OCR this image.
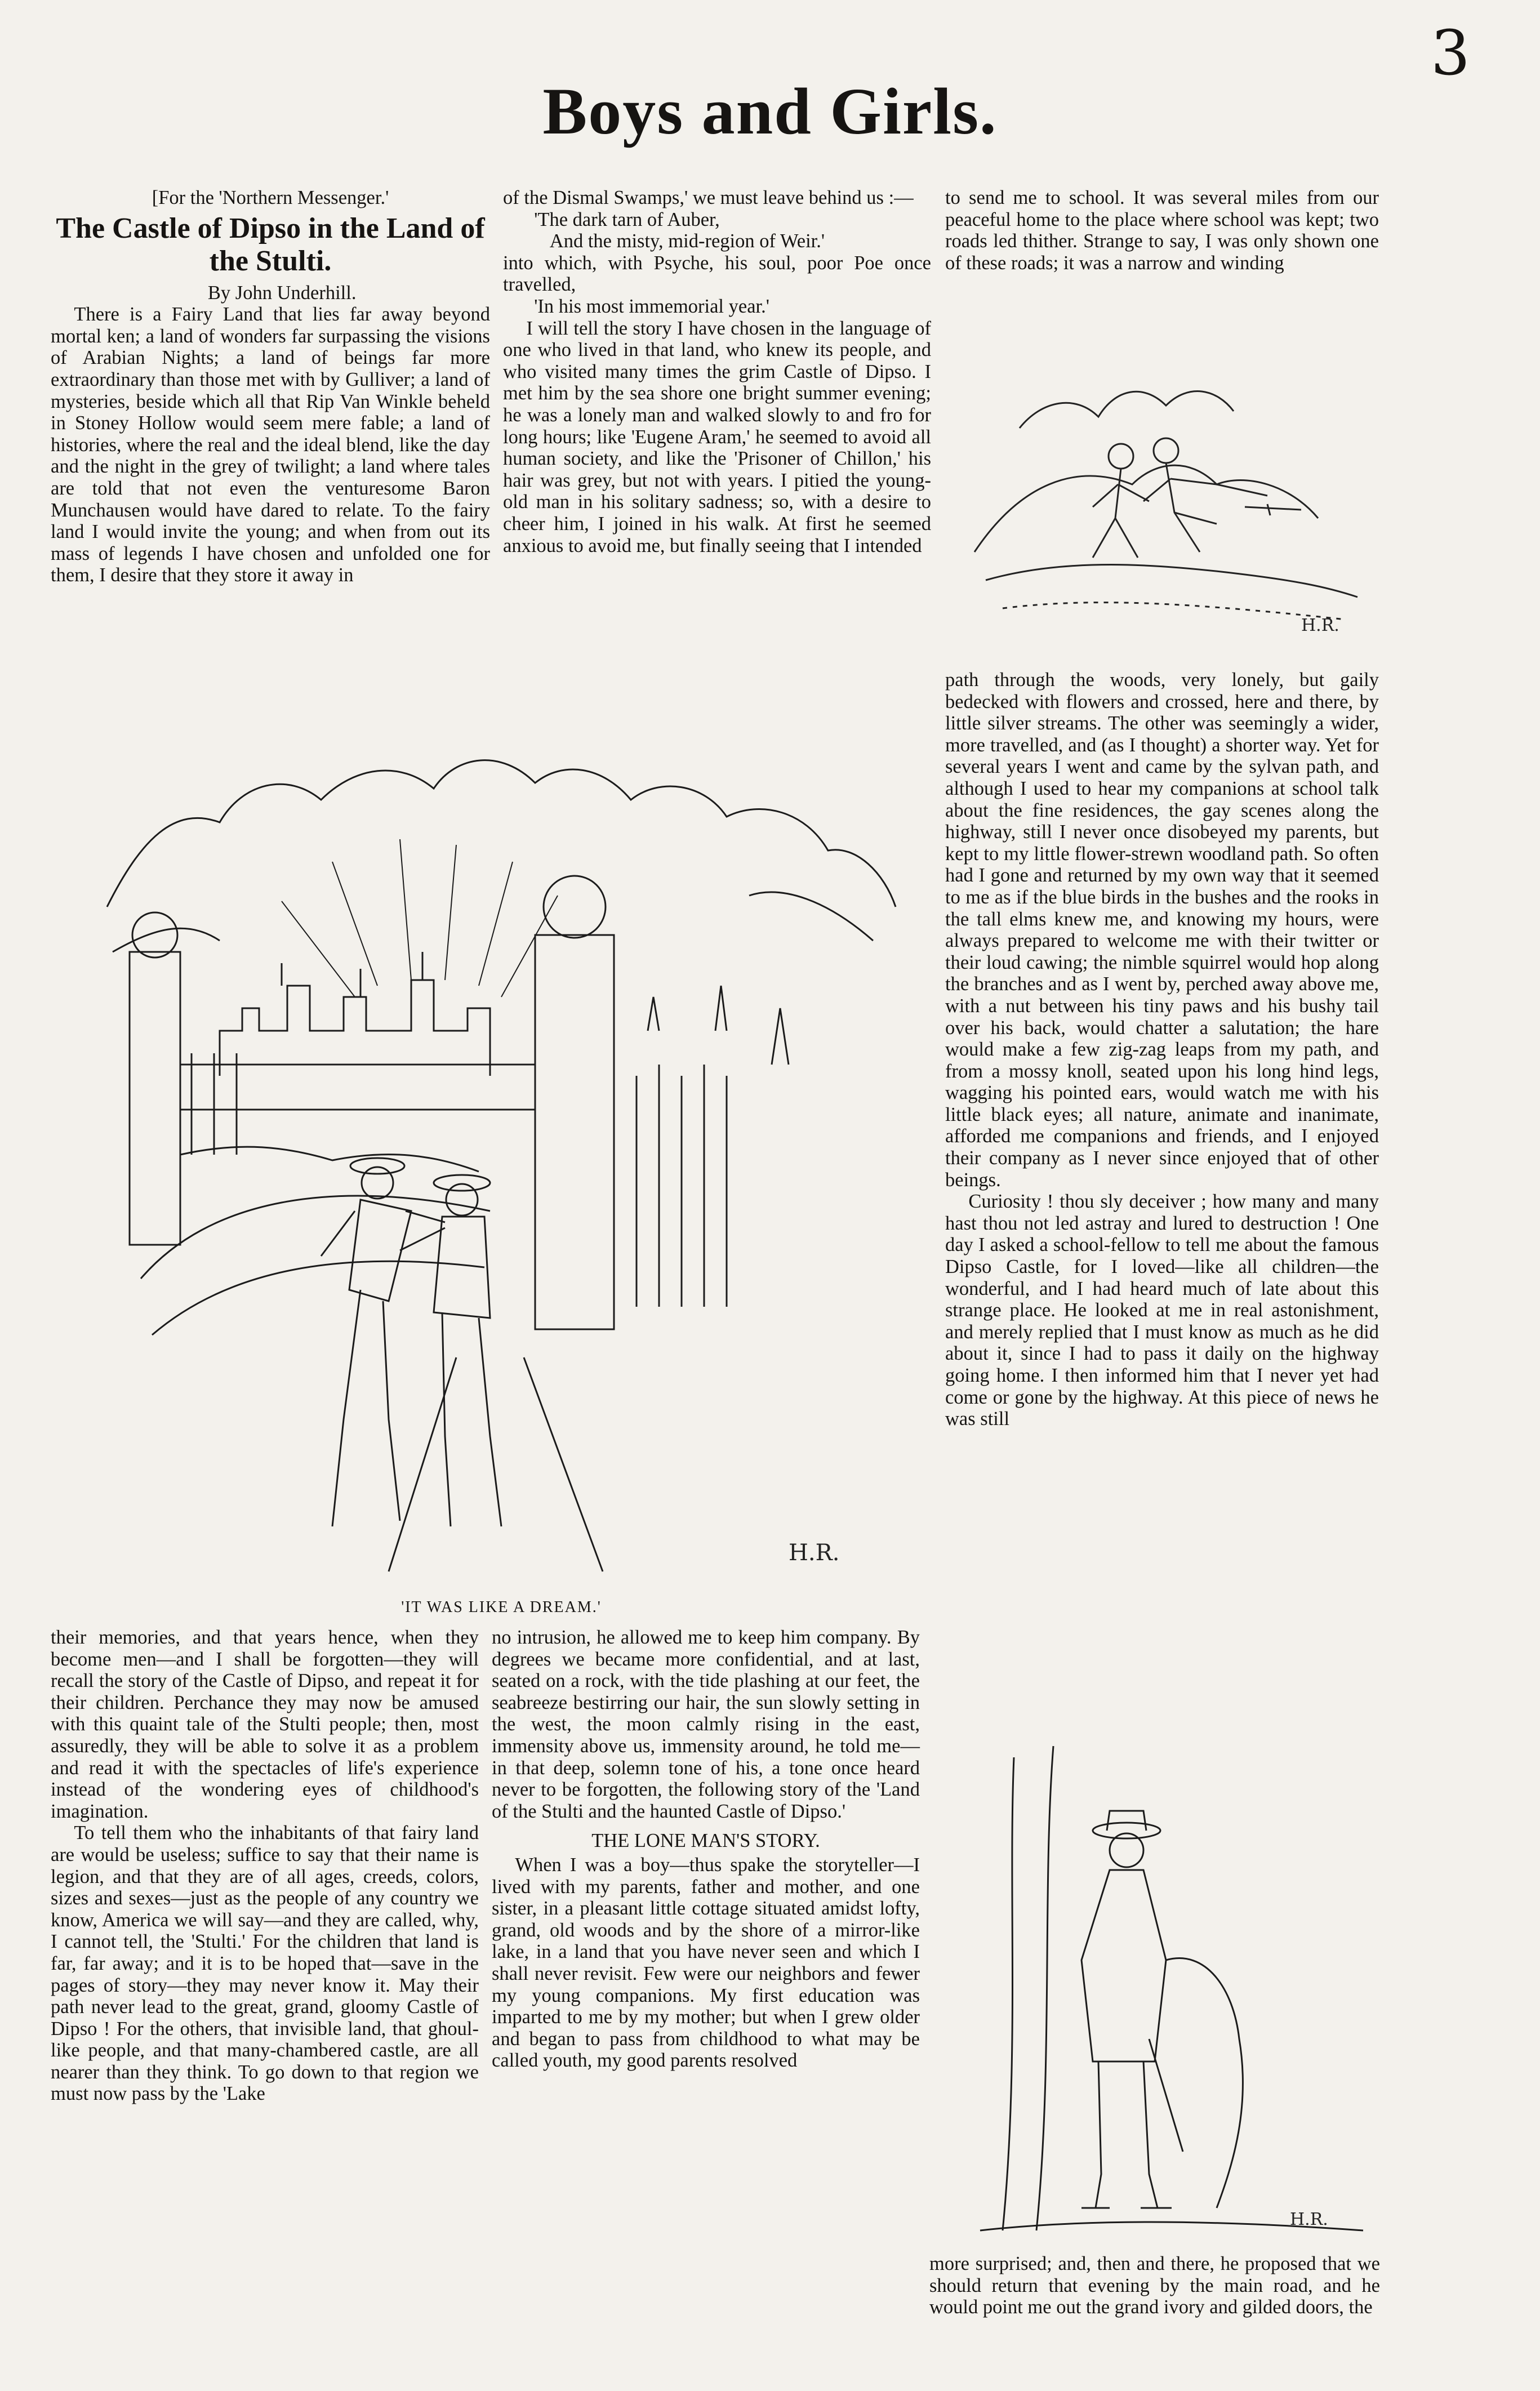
3
Boys and Girls.

[For the 'Northern Messenger.'

The Castle of Dipso in the Land of the Stulti.

By John Underhill.

There is a Fairy Land that lies far away beyond mortal ken; a land of wonders far surpassing the visions of Arabian Nights; a land of beings far more extraordinary than those met with by Gulliver; a land of mysteries, beside which all that Rip Van Winkle beheld in Stoney Hollow would seem mere fable; a land of histories, where the real and the ideal blend, like the day and the night in the grey of twilight; a land where tales are told that not even the venturesome Baron Munchausen would have dared to relate. To the fairy land I would invite the young; and when from out its mass of legends I have chosen and unfolded one for them, I desire that they store it away in

of the Dismal Swamps,' we must leave behind us :—

'The dark tarn of Auber,

And the misty, mid-region of Weir.'

into which, with Psyche, his soul, poor Poe once travelled,

'In his most immemorial year.'

I will tell the story I have chosen in the language of one who lived in that land, who knew its people, and who visited many times the grim Castle of Dipso. I met him by the sea shore one bright summer evening; he was a lonely man and walked slowly to and fro for long hours; like 'Eugene Aram,' he seemed to avoid all human society, and like the 'Prisoner of Chillon,' his hair was grey, but not with years. I pitied the young-old man in his solitary sadness; so, with a desire to cheer him, I joined in his walk. At first he seemed anxious to avoid me, but finally seeing that I intended

to send me to school. It was several miles from our peaceful home to the place where school was kept; two roads led thither. Strange to say, I was only shown one of these roads; it was a narrow and winding

H.R.
H.R.
'IT WAS LIKE A DREAM.'

path through the woods, very lonely, but gaily bedecked with flowers and crossed, here and there, by little silver streams. The other was seemingly a wider, more travelled, and (as I thought) a shorter way. Yet for several years I went and came by the sylvan path, and although I used to hear my companions at school talk about the fine residences, the gay scenes along the highway, still I never once disobeyed my parents, but kept to my little flower-strewn woodland path. So often had I gone and returned by my own way that it seemed to me as if the blue birds in the bushes and the rooks in the tall elms knew me, and knowing my hours, were always prepared to welcome me with their twitter or their loud cawing; the nimble squirrel would hop along the branches and as I went by, perched away above me, with a nut between his tiny paws and his bushy tail over his back, would chatter a salutation; the hare would make a few zig-zag leaps from my path, and from a mossy knoll, seated upon his long hind legs, wagging his pointed ears, would watch me with his little black eyes; all nature, animate and inanimate, afforded me companions and friends, and I enjoyed their company as I never since enjoyed that of other beings.

Curiosity ! thou sly deceiver ; how many and many hast thou not led astray and lured to destruction ! One day I asked a school-fellow to tell me about the famous Dipso Castle, for I loved—like all children—the wonderful, and I had heard much of late about this strange place. He looked at me in real astonishment, and merely replied that I must know as much as he did about it, since I had to pass it daily on the highway going home. I then informed him that I never yet had come or gone by the highway. At this piece of news he was still

their memories, and that years hence, when they become men—and I shall be forgotten—they will recall the story of the Castle of Dipso, and repeat it for their children. Perchance they may now be amused with this quaint tale of the Stulti people; then, most assuredly, they will be able to solve it as a problem and read it with the spectacles of life's experience instead of the wondering eyes of childhood's imagination.

To tell them who the inhabitants of that fairy land are would be useless; suffice to say that their name is legion, and that they are of all ages, creeds, colors, sizes and sexes—just as the people of any country we know, America we will say—and they are called, why, I cannot tell, the 'Stulti.' For the children that land is far, far away; and it is to be hoped that—save in the pages of story—they may never know it. May their path never lead to the great, grand, gloomy Castle of Dipso ! For the others, that invisible land, that ghoul-like people, and that many-chambered castle, are all nearer than they think. To go down to that region we must now pass by the 'Lake

no intrusion, he allowed me to keep him company. By degrees we became more confidential, and at last, seated on a rock, with the tide plashing at our feet, the seabreeze bestirring our hair, the sun slowly setting in the west, the moon calmly rising in the east, immensity above us, immensity around, he told me—in that deep, solemn tone of his, a tone once heard never to be forgotten, the following story of the 'Land of the Stulti and the haunted Castle of Dipso.'

THE LONE MAN'S STORY.

When I was a boy—thus spake the storyteller—I lived with my parents, father and mother, and one sister, in a pleasant little cottage situated amidst lofty, grand, old woods and by the shore of a mirror-like lake, in a land that you have never seen and which I shall never revisit. Few were our neighbors and fewer my young companions. My first education was imparted to me by my mother; but when I grew older and began to pass from childhood to what may be called youth, my good parents resolved

H.R.

more surprised; and, then and there, he proposed that we should return that evening by the main road, and he would point me out the grand ivory and gilded doors, the
